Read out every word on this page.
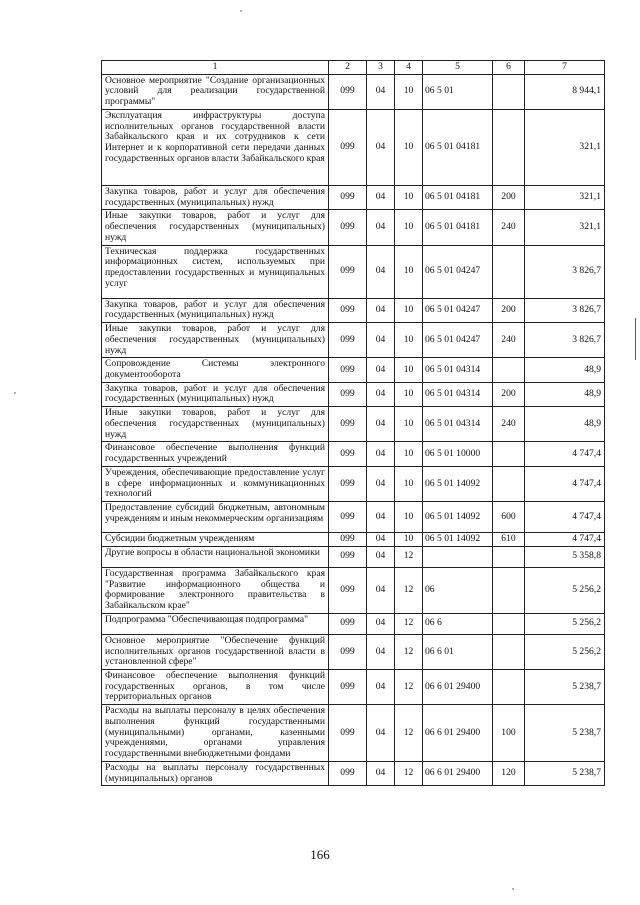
1	2	3	4	5	6	7
Основное мероприятие "Создание организационных условий для реализации государственной программы"	099	04	10	06 5 01		8 944,1
Эксплуатация инфраструктуры доступа исполнительных органов государственной власти Забайкальского края и их сотрудников к сети Интернет и к корпоративной сети передачи данных государственных органов власти Забайкальского края	099	04	10	06 5 01 04181		321,1
Закупка товаров, работ и услуг для обеспечения государственных (муниципальных) нужд	099	04	10	06 5 01 04181	200	321,1
Иные закупки товаров, работ и услуг для обеспечения государственных (муниципальных) нужд	099	04	10	06 5 01 04181	240	321,1
Техническая поддержка государственных информационных систем, используемых при предоставлении государственных и муниципальных услуг	099	04	10	06 5 01 04247		3 826,7
Закупка товаров, работ и услуг для обеспечения государственных (муниципальных) нужд	099	04	10	06 5 01 04247	200	3 826,7
Иные закупки товаров, работ и услуг для обеспечения государственных (муниципальных) нужд	099	04	10	06 5 01 04247	240	3 826,7
Сопровождение Системы электронного документооборота	099	04	10	06 5 01 04314		48,9
Закупка товаров, работ и услуг для обеспечения государственных (муниципальных) нужд	099	04	10	06 5 01 04314	200	48,9
Иные закупки товаров, работ и услуг для обеспечения государственных (муниципальных) нужд	099	04	10	06 5 01 04314	240	48,9
Финансовое обеспечение выполнения функций государственных учреждений	099	04	10	06 5 01 10000		4 747,4
Учреждения, обеспечивающие предоставление услуг в сфере информационных и коммуникационных технологий	099	04	10	06 5 01 14092		4 747,4
Предоставление субсидий бюджетным, автономным учреждениям и иным некоммерческим организациям	099	04	10	06 5 01 14092	600	4 747,4
Субсидии бюджетным учреждениям	099	04	10	06 5 01 14092	610	4 747,4
Другие вопросы в области национальной экономики	099	04	12			5 358,8
Государственная программа Забайкальского края "Развитие информационного общества и формирование электронного правительства в Забайкальском крае"	099	04	12	06		5 256,2
Подпрограмма "Обеспечивающая подпрограмма"	099	04	12	06 6		5 256,2
Основное мероприятие "Обеспечение функций исполнительных органов государственной власти в установленной сфере"	099	04	12	06 6 01		5 256,2
Финансовое обеспечение выполнения функций государственных органов, в том числе территориальных органов	099	04	12	06 6 01 29400		5 238,7
Расходы на выплаты персоналу в целях обеспечения выполнения функций государственными (муниципальными) органами, казенными учреждениями, органами управления государственными внебюджетными фондами	099	04	12	06 6 01 29400	100	5 238,7
Расходы на выплаты персоналу государственных (муниципальных) органов	099	04	12	06 6 01 29400	120	5 238,7
166
